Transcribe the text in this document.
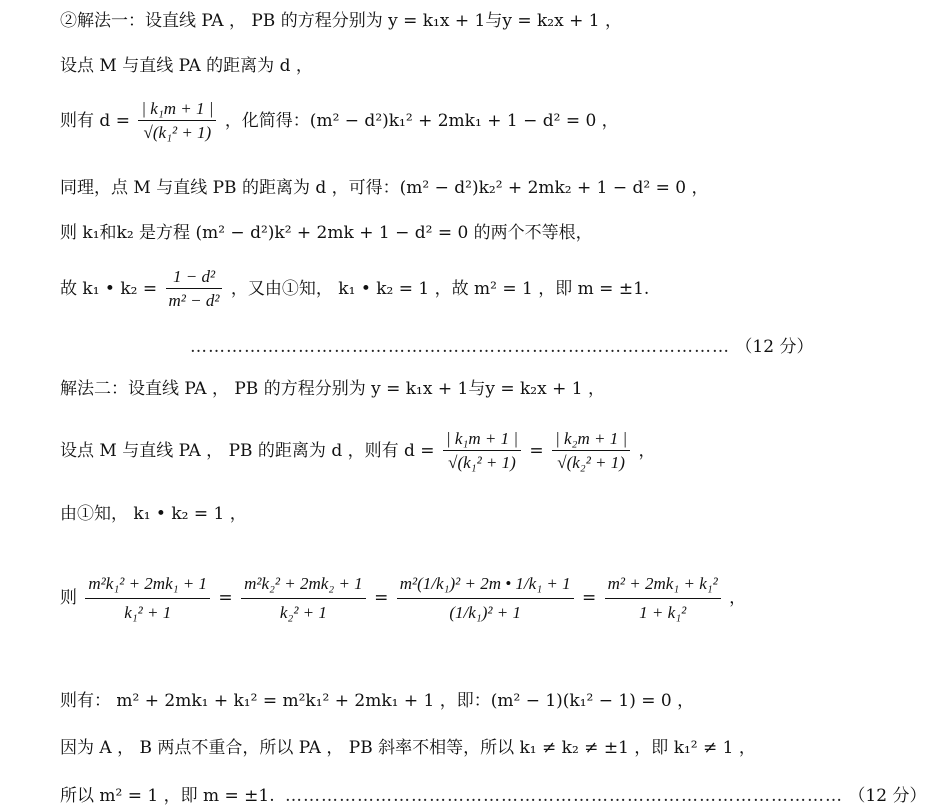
②解法一：设直线 PA ， PB 的方程分别为 y = k₁x + 1与y = k₂x + 1 ，
设点 M 与直线 PA 的距离为 d ，
则有 $d = \frac{\text{| k₁m + 1 |}}{\text{√(k₁² + 1)}}$ ，化简得：(m² − d²)k₁² + 2mk₁ + 1 − d² = 0 ，
同理，点 M 与直线 PB 的距离为 d ，可得：(m² − d²)k₂² + 2mk₂ + 1 − d² = 0 ，
则 k₁和k₂ 是方程 (m² − d²)k² + 2mk + 1 − d² = 0 的两个不等根，
故 k₁ • $k_2 = \frac{\text{1 − d²}}{\text{m² − d²}}$ ，又由①知， k₁ • k₂ = 1 ，故 m² = 1 ，即 m = ±1.
……………………………………………………………………………… （12 分）
解法二：设直线 PA ， PB 的方程分别为 y = k₁x + 1与y = k₂x + 1 ，
设点 M 与直线 PA ， PB 的距离为 d ，则有 $d = \frac{\text{| k₁m + 1 |}}{\text{√(k₁² + 1)}} = \frac{\text{| k₂m + 1 |}}{\text{√(k₂² + 1)}}$ ，
由①知， k₁ • k₂ = 1 ，
则 $\frac{\text{m²k₁² + 2mk₁ + 1}}{\text{k₁² + 1}} = \frac{\text{m²k₂² + 2mk₂ + 1}}{\text{k₂² + 1}} = \frac{\text{m²(1/k₁)² + 2m • 1/k₁ + 1}}{\text{(1/k₁)² + 1}} = \frac{\text{m² + 2mk₁ + k₁²}}{\text{1 + k₁²}}$ ，
则有： m² + 2mk₁ + k₁² = m²k₁² + 2mk₁ + 1 ，即：(m² − 1)(k₁² − 1) = 0 ，
因为 A ， B 两点不重合，所以 PA ， PB 斜率不相等，所以 k₁ ≠ k₂ ≠ ±1 ，即 k₁² ≠ 1 ，
所以 m² = 1 ，即 m = ±1. ………………………………………………………………………………… （12 分）
